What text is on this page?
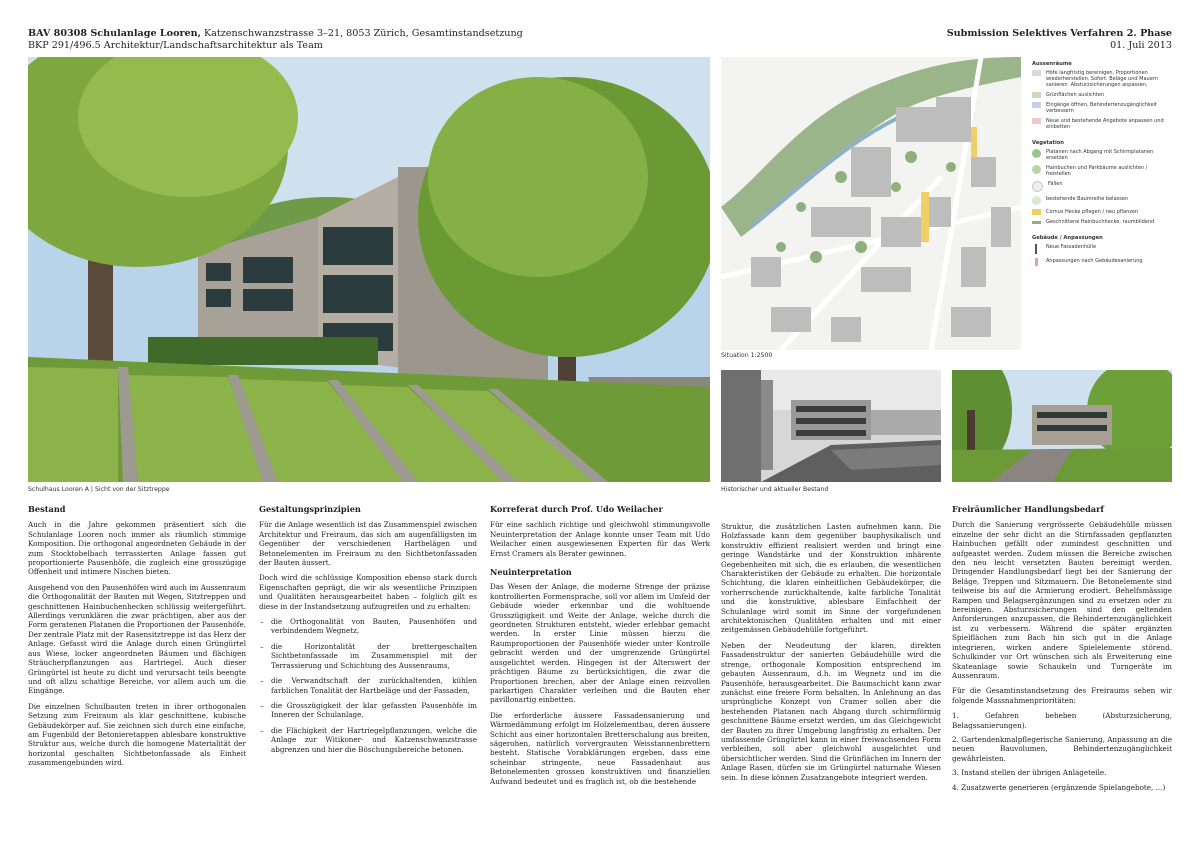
BAV 80308 Schulanlage Looren, Katzenschwanzstrasse 3–21, 8053 Zürich, Gesamtinstandsetzung
BKP 291/496.5 Architektur/Landschaftsarchitektur als Team
Submission Selektives Verfahren 2. Phase
01. Juli 2013
Schulhaus Looren A | Sicht von der Sitztreppe
Situation 1:2500
Aussenräume
Höfe langfristig bereinigen, Proportionen wiederherstellen. Sofort: Beläge und Mauern sanieren. Absturzsicherungen anpassen.
Grünflächen auslichten
Eingänge öffnen, Behindertenzugänglichkeit verbessern
Neue und bestehende Angebote anpassen und einbetten
Vegetation
Platanen nach Abgang mit Schirmplatanen ersetzen
Hainbuchen und Parkbäume auslichten / freistellen
Fällen
bestehende Baumreihe belassen
Cornus Hecke pflegen / neu pflanzen
Geschnittene Hainbuchhecke, raumbildend
Gebäude / Anpassungen
Neue Fassadenhülle
Anpassungen nach Gebäudesanierung
Historischer und aktueller Bestand
Bestand

Auch in die Jahre gekommen präsentiert sich die Schulanlage Looren noch immer als räumlich stimmige Komposition. Die orthogonal angeordneten Gebäude in der zum Stocktobelbach terrassierten Anlage fassen gut proportionierte Pausenhöfe, die zugleich eine grosszügige Offenheit und intimere Nischen bieten.

Ausgehend von den Pausenhöfen wird auch im Aussenraum die Orthogonalität der Bauten mit Wegen, Sitztreppen und geschnittenen Hainbuchenhecken schlüssig weitergeführt. Allerdings verunklären die zwar prächtigen, aber aus der Form geratenen Platanen die Proportionen der Pausenhöfe. Der zentrale Platz mit der Rasensitztreppe ist das Herz der Anlage. Gefasst wird die Anlage durch einen Grüngürtel aus Wiese, locker angeordneten Bäumen und flächigen Sträucherpflanzungen aus Hartriegel. Auch dieser Grüngürtel ist heute zu dicht und verursacht teils beengte und oft allzu schattige Bereiche, vor allem auch um die Eingänge.

Die einzelnen Schulbauten treten in ihrer orthogonalen Setzung zum Freiraum als klar geschnittene, kubische Gebäudekörper auf. Sie zeichnen sich durch eine einfache, am Fugenbild der Betonieretappen ablesbare konstruktive Struktur aus, welche durch die homogene Materialität der horizontal geschalten Sichtbetonfassade als Einheit zusammengebunden wird.

Gestaltungsprinzipien

Für die Anlage wesentlich ist das Zusammenspiel zwischen Architektur und Freiraum, das sich am augenfälligsten im Gegenüber der verschiedenen Hartbelägen und Betonelementen im Freiraum zu den Sichtbetonfassaden der Bauten äussert.

Doch wird die schlüssige Komposition ebenso stark durch Eigenschaften geprägt, die wir als wesentliche Prinzipien und Qualitäten herausgearbeitet haben – folglich gilt es diese in der Instandsetzung aufzugreifen und zu erhalten:

– die Orthogonalität von Bauten, Pausenhöfen und verbindendem Wegnetz,
– die Horizontalität der brettergeschalten Sichtbetonfassade im Zusammenspiel mit der Terrassierung und Schichtung des Aussenraums,
– die Verwandtschaft der zurückhaltenden, kühlen farblichen Tonalität der Hartbeläge und der Fassaden,
– die Grosszügigkeit der klar gefassten Pausenhöfe im Inneren der Schulanlage,
– die Flächigkeit der Hartriegelpflanzungen, welche die Anlage zur Witikoner- und Katzenschwanzstrasse abgrenzen und hier die Böschungsbereiche betonen.
Korreferat durch Prof. Udo Weilacher

Für eine sachlich richtige und gleichwohl stimmungsvolle Neuinterpretation der Anlage konnte unser Team mit Udo Weilacher einen ausgewiesenen Experten für das Werk Ernst Cramers als Berater gewinnen.

Neuinterpretation

Das Wesen der Anlage, die moderne Strenge der präzise kontrollierten Formensprache, soll vor allem im Umfeld der Gebäude wieder erkennbar und die wohltuende Grosszügigkeit und Weite der Anlage, welche durch die geordneten Strukturen entsteht, wieder erlebbar gemacht werden. In erster Linie müssen hierzu die Raumproportionen der Pausenhöfe wieder unter Kontrolle gebracht werden und der umgrenzende Grüngürtel ausgelichtet werden. Hingegen ist der Alterswert der prächtigen Bäume zu berücksichtigen, die zwar die Proportionen brechen, aber der Anlage einen reizvollen parkartigen Charakter verleihen und die Bauten eher pavillonartig einbetten.

Die erforderliche äussere Fassadensanierung und Wärmedämmung erfolgt im Holzelementbau, deren äussere Schicht aus einer horizontalen Bretterschalung aus breiten, sägerohen, natürlich vorvergrauten Weisstannenbrettern besteht. Statische Vorabklärungen ergeben, dass eine scheinbar stringente, neue Fassadenhaut aus Betonelementen grossen konstruktiven und finanziellen Aufwand bedeutet und es fraglich ist, ob die bestehende

Struktur, die zusätzlichen Lasten aufnehmen kann. Die Holzfassade kann dem gegenüber bauphysikalisch und konstruktiv effizient realisiert werden und bringt eine geringe Wandstärke und der Konstruktion inhärente Gegebenheiten mit sich, die es erlauben, die wesentlichen Charakteristiken der Gebäude zu erhalten. Die horizontale Schichtung, die klaren einheitlichen Gebäudekörper, die vorherrschende zurückhaltende, kalte farbliche Tonalität und die konstruktive, ablesbare Einfachheit der Schulanlage wird somit im Sinne der vorgefundenen architektonischen Qualitäten erhalten und mit einer zeitgemässen Gebäudehülle fortgeführt.

Neben der Neudeutung der klaren, direkten Fassadenstruktur der sanierten Gebäudehülle wird die strenge, orthogonale Komposition entsprechend im gebauten Aussenraum, d.h. im Wegnetz und im die Pausenhöfe, herausgearbeitet. Die Baumschicht kann zwar zunächst eine freiere Form behalten. In Anlehnung an das ursprüngliche Konzept von Cramer sollen aber die bestehenden Platanen nach Abgang durch schirmförmig geschnittene Bäume ersetzt werden, um das Gleichgewicht der Bauten zu ihrer Umgebung langfristig zu erhalten. Der umfassende Grüngürtel kann in einer freiwachsenden Form verbleiben, soll aber gleichwohl ausgelichtet und übersichtlicher werden. Sind die Grünflächen im Innern der Anlage Rasen, dürfen sie im Grüngürtel naturnahe Wiesen sein. In diese können Zusatzangebote integriert werden.

Freiräumlicher Handlungsbedarf

Durch die Sanierung vergrösserte Gebäudehülle müssen einzelne der sehr dicht an die Stirnfassaden gepflanzten Hainbuchen gefällt oder zumindest geschnitten und aufgeastet werden. Zudem müssen die Bereiche zwischen den neu leicht versetzten Bauten bereinigt werden. Dringender Handlungsbedarf liegt bei der Sanierung der Beläge, Treppen und Sitzmauern. Die Betonelemente sind teilweise bis auf die Armierung erodiert. Behelfsmässige Rampen und Belagsergänzungen sind zu ersetzen oder zu bereinigen. Absturzsicherungen sind den geltenden Anforderungen anzupassen, die Behindertenzugänglichkeit ist zu verbessern. Während die später ergänzten Spielflächen zum Bach hin sich gut in die Anlage integrieren, wirken andere Spielelemente störend. Schulkinder vor Ort wünschen sich als Erweiterung eine Skateanlage sowie Schaukeln und Turngeräte im Aussenraum.

Für die Gesamtinstandsetzung des Freiraums sehen wir folgende Massnahmenprioritäten:

1. Gefahren beheben (Absturzsicherung, Belagssanierungen).
2. Gartendenkmalpflegerische Sanierung, Anpassung an die neuen Bauvolumen, Behindertenzugänglichkeit gewährleisten.
3. Instand stellen der übrigen Anlageteile.
4. Zusatzwerte generieren (ergänzende Spielangebote, ...)
